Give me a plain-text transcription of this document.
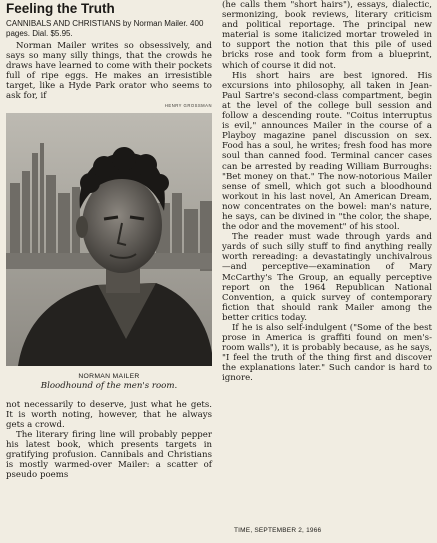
Feeling the Truth
CANNIBALS AND CHRISTIANS by Norman Mailer. 400 pages. Dial. $5.95.

Norman Mailer writes so obsessively, and says so many silly things, that the crowds he draws have learned to come with their pockets full of ripe eggs. He makes an irresistible target, like a Hyde Park orator who seems to ask for, if

HENRY GROSSMAN
NORMAN MAILER
Bloodhound of the men's room.

not necessarily to deserve, just what he gets. It is worth noting, however, that he always gets a crowd.

The literary firing line will probably pepper his latest book, which presents targets in gratifying profusion. Cannibals and Christians is mostly warmed-over Mailer: a scatter of pseudo poems

(he calls them "short hairs"), essays, dialectic, sermonizing, book reviews, literary criticism and political reportage. The principal new material is some italicized mortar troweled in to support the notion that this pile of used bricks rose and took form from a blueprint, which of course it did not.

His short hairs are best ignored. His excursions into philosophy, all taken in Jean-Paul Sartre's second-class compartment, begin at the level of the college bull session and follow a descending route. "Coitus interruptus is evil," announces Mailer in the course of a Playboy magazine panel discussion on sex. Food has a soul, he writes; fresh food has more soul than canned food. Terminal cancer cases can be arrested by reading William Burroughs: "Bet money on that." The now-notorious Mailer sense of smell, which got such a bloodhound workout in his last novel, An American Dream, now concentrates on the bowel: man's nature, he says, can be divined in "the color, the shape, the odor and the movement" of his stool.

The reader must wade through yards and yards of such silly stuff to find anything really worth rereading: a devastatingly unchivalrous—and perceptive—examination of Mary McCarthy's The Group, an equally perceptive report on the 1964 Republican National Convention, a quick survey of contemporary fiction that should rank Mailer among the better critics today.

If he is also self-indulgent ("Some of the best prose in America is graffiti found on men's-room walls"), it is probably because, as he says, "I feel the truth of the thing first and discover the explanations later." Such candor is hard to ignore.

TIME, SEPTEMBER 2, 1966
